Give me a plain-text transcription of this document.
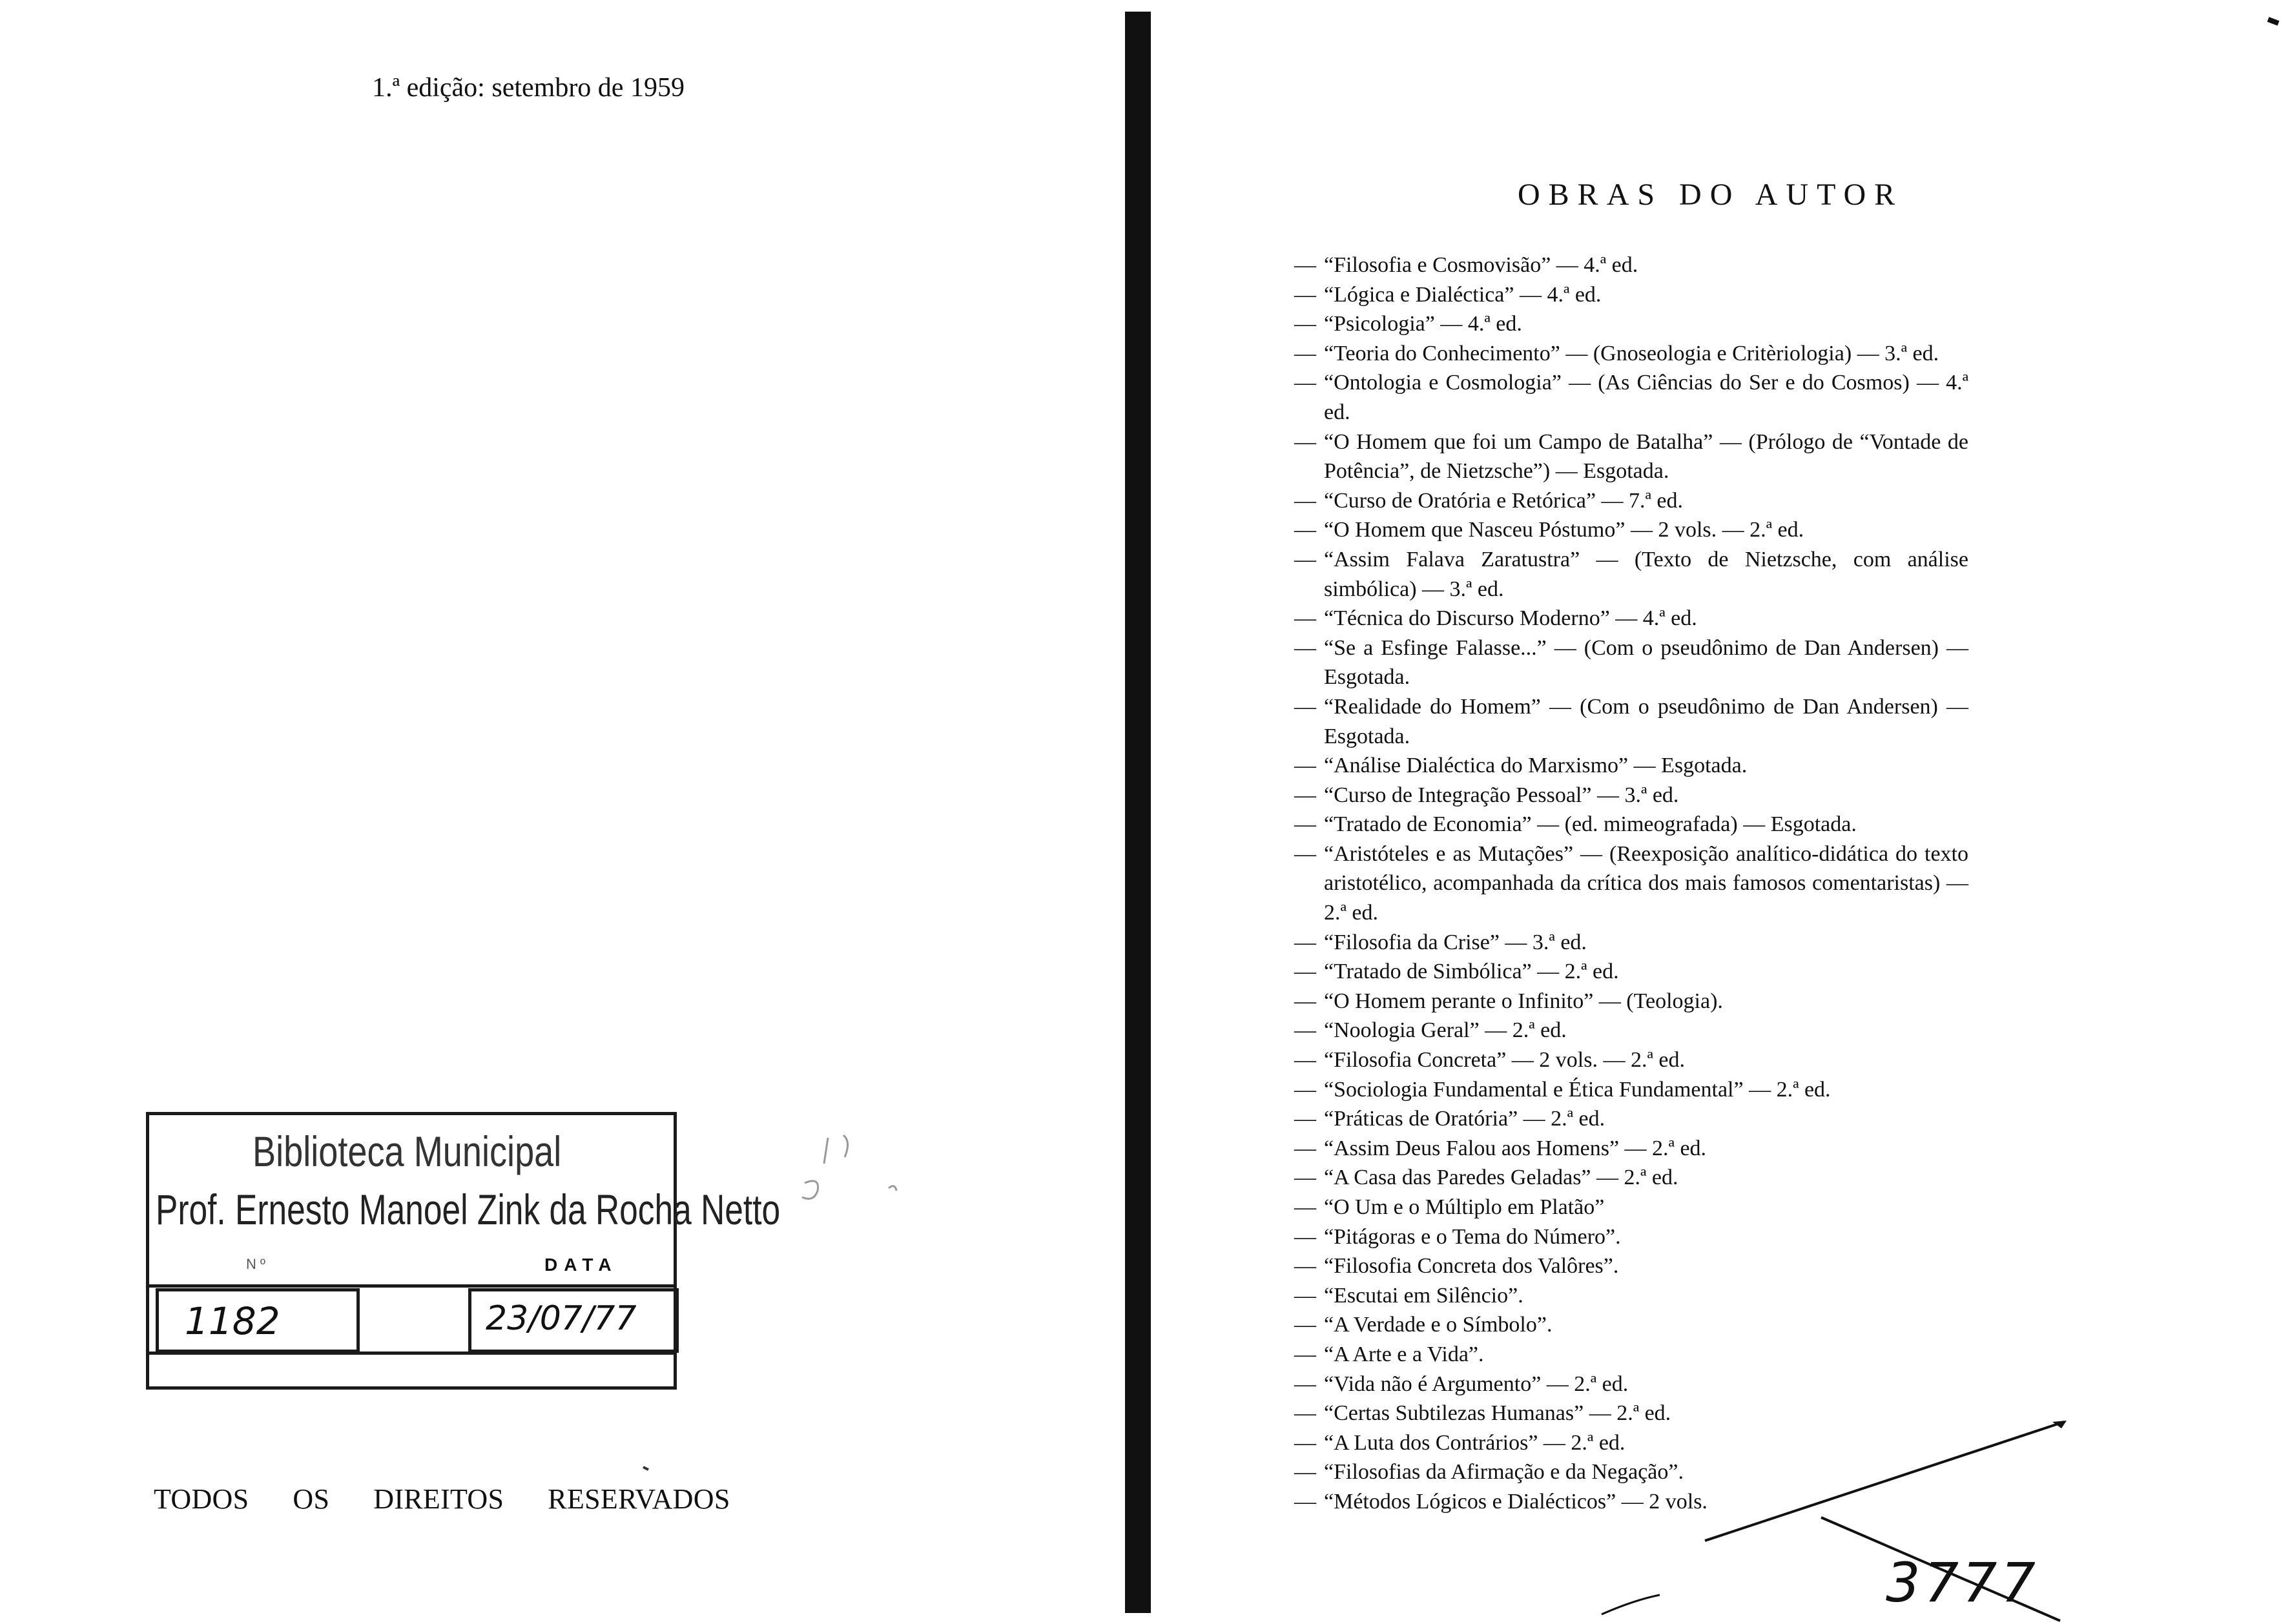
1.ª edição: setembro de 1959
Biblioteca Municipal
Prof. Ernesto Manoel Zink da Rocha Netto
Nº	DATA
1182	23/07/77
TODOS OS DIREITOS RESERVADOS
OBRAS DO AUTOR
— “Filosofia e Cosmovisão” — 4.ª ed.
— “Lógica e Dialéctica” — 4.ª ed.
— “Psicologia” — 4.ª ed.
— “Teoria do Conhecimento” — (Gnoseologia e Critèriologia) — 3.ª ed.
— “Ontologia e Cosmologia” — (As Ciências do Ser e do Cosmos) — 4.ª ed.
— “O Homem que foi um Campo de Batalha” — (Prólogo de “Vontade de Potência”, de Nietzsche”) — Esgotada.
— “Curso de Oratória e Retórica” — 7.ª ed.
— “O Homem que Nasceu Póstumo” — 2 vols. — 2.ª ed.
— “Assim Falava Zaratustra” — (Texto de Nietzsche, com análise simbólica) — 3.ª ed.
— “Técnica do Discurso Moderno” — 4.ª ed.
— “Se a Esfinge Falasse...” — (Com o pseudônimo de Dan Andersen) — Esgotada.
— “Realidade do Homem” — (Com o pseudônimo de Dan Andersen) — Esgotada.
— “Análise Dialéctica do Marxismo” — Esgotada.
— “Curso de Integração Pessoal” — 3.ª ed.
— “Tratado de Economia” — (ed. mimeografada) — Esgotada.
— “Aristóteles e as Mutações” — (Reexposição analítico-didática do texto aristotélico, acompanhada da crítica dos mais famosos comentaristas) — 2.ª ed.
— “Filosofia da Crise” — 3.ª ed.
— “Tratado de Simbólica” — 2.ª ed.
— “O Homem perante o Infinito” — (Teologia).
— “Noologia Geral” — 2.ª ed.
— “Filosofia Concreta” — 2 vols. — 2.ª ed.
— “Sociologia Fundamental e Ética Fundamental” — 2.ª ed.
— “Práticas de Oratória” — 2.ª ed.
— “Assim Deus Falou aos Homens” — 2.ª ed.
— “A Casa das Paredes Geladas” — 2.ª ed.
— “O Um e o Múltiplo em Platão”
— “Pitágoras e o Tema do Número”.
— “Filosofia Concreta dos Valôres”.
— “Escutai em Silêncio”.
— “A Verdade e o Símbolo”.
— “A Arte e a Vida”.
— “Vida não é Argumento” — 2.ª ed.
— “Certas Subtilezas Humanas” — 2.ª ed.
— “A Luta dos Contrários” — 2.ª ed.
— “Filosofias da Afirmação e da Negação”.
— “Métodos Lógicos e Dialécticos” — 2 vols.
3777
